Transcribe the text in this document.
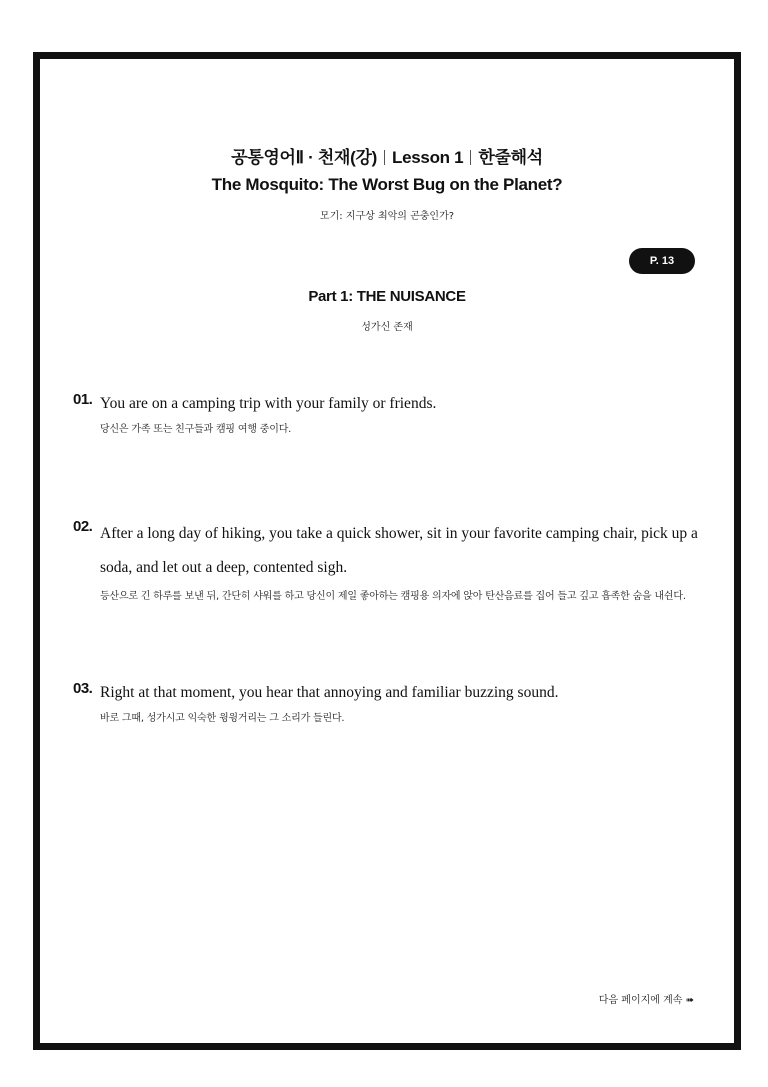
공통영어Ⅱ · 천재(강) Lesson 1 한줄해석
The Mosquito: The Worst Bug on the Planet?
모기: 지구상 최악의 곤충인가?
P. 13
Part 1: THE NUISANCE
성가신 존재
01. You are on a camping trip with your family or friends.
당신은 가족 또는 친구들과 캠핑 여행 중이다.
02. After a long day of hiking, you take a quick shower, sit in your favorite camping chair, pick up a soda, and let out a deep, contented sigh.
등산으로 긴 하루를 보낸 뒤, 간단히 샤워를 하고 당신이 제일 좋아하는 캠핑용 의자에 앉아 탄산음료를 집어 들고 깊고 흡족한 숨을 내쉰다.
03. Right at that moment, you hear that annoying and familiar buzzing sound.
바로 그때, 성가시고 익숙한 윙윙거리는 그 소리가 들린다.
다음 페이지에 계속 ➠
